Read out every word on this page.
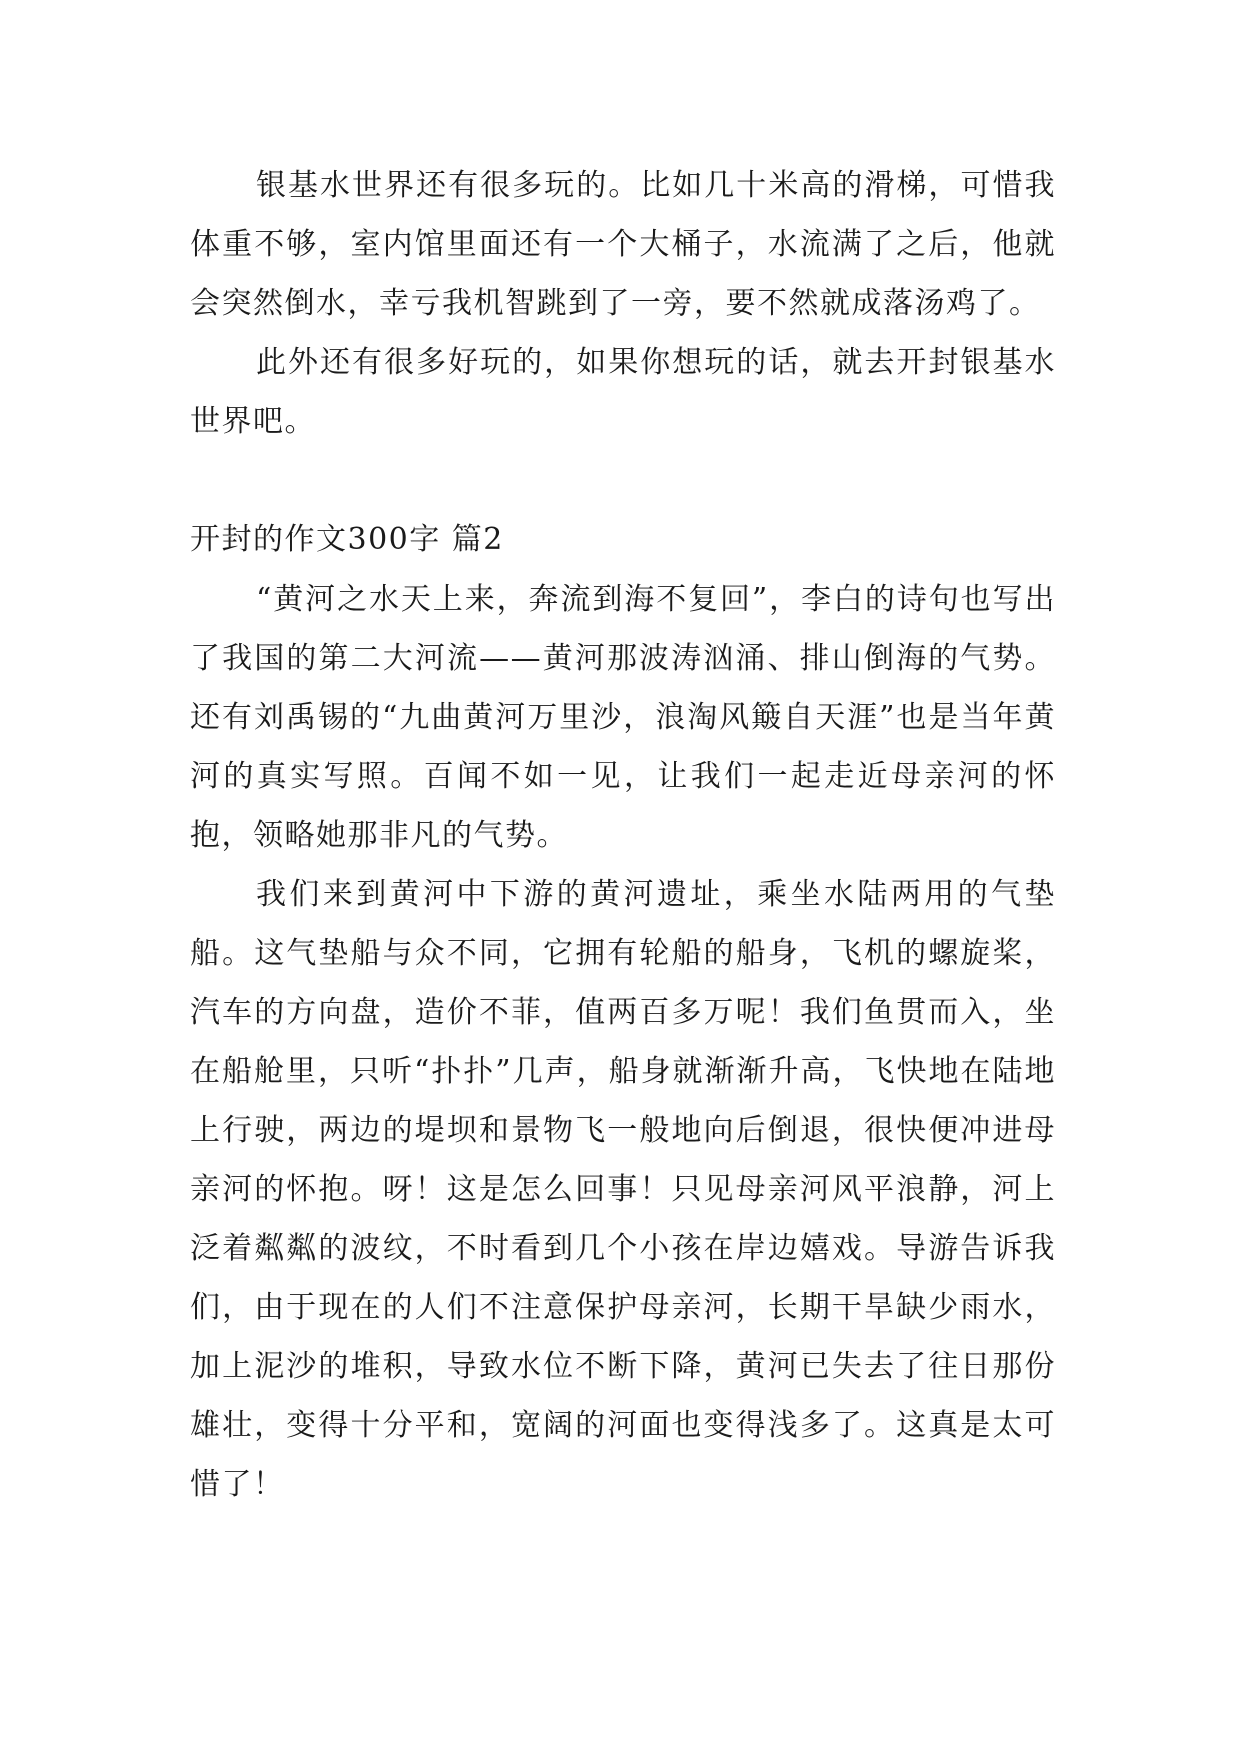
银基水世界还有很多玩的。比如几十米高的滑梯，可惜我体重不够，室内馆里面还有一个大桶子，水流满了之后，他就会突然倒水，幸亏我机智跳到了一旁，要不然就成落汤鸡了。

此外还有很多好玩的，如果你想玩的话，就去开封银基水世界吧。

开封的作文300字 篇2

“黄河之水天上来，奔流到海不复回”，李白的诗句也写出了我国的第二大河流——黄河那波涛汹涌、排山倒海的气势。还有刘禹锡的“九曲黄河万里沙，浪淘风簸自天涯”也是当年黄河的真实写照。百闻不如一见，让我们一起走近母亲河的怀抱，领略她那非凡的气势。

我们来到黄河中下游的黄河遗址，乘坐水陆两用的气垫船。这气垫船与众不同，它拥有轮船的船身，飞机的螺旋桨，汽车的方向盘，造价不菲，值两百多万呢！我们鱼贯而入，坐在船舱里，只听“扑扑”几声，船身就渐渐升高，飞快地在陆地上行驶，两边的堤坝和景物飞一般地向后倒退，很快便冲进母亲河的怀抱。呀！这是怎么回事！只见母亲河风平浪静，河上泛着粼粼的波纹，不时看到几个小孩在岸边嬉戏。导游告诉我们，由于现在的人们不注意保护母亲河，长期干旱缺少雨水，加上泥沙的堆积，导致水位不断下降，黄河已失去了往日那份雄壮，变得十分平和，宽阔的河面也变得浅多了。这真是太可惜了！
